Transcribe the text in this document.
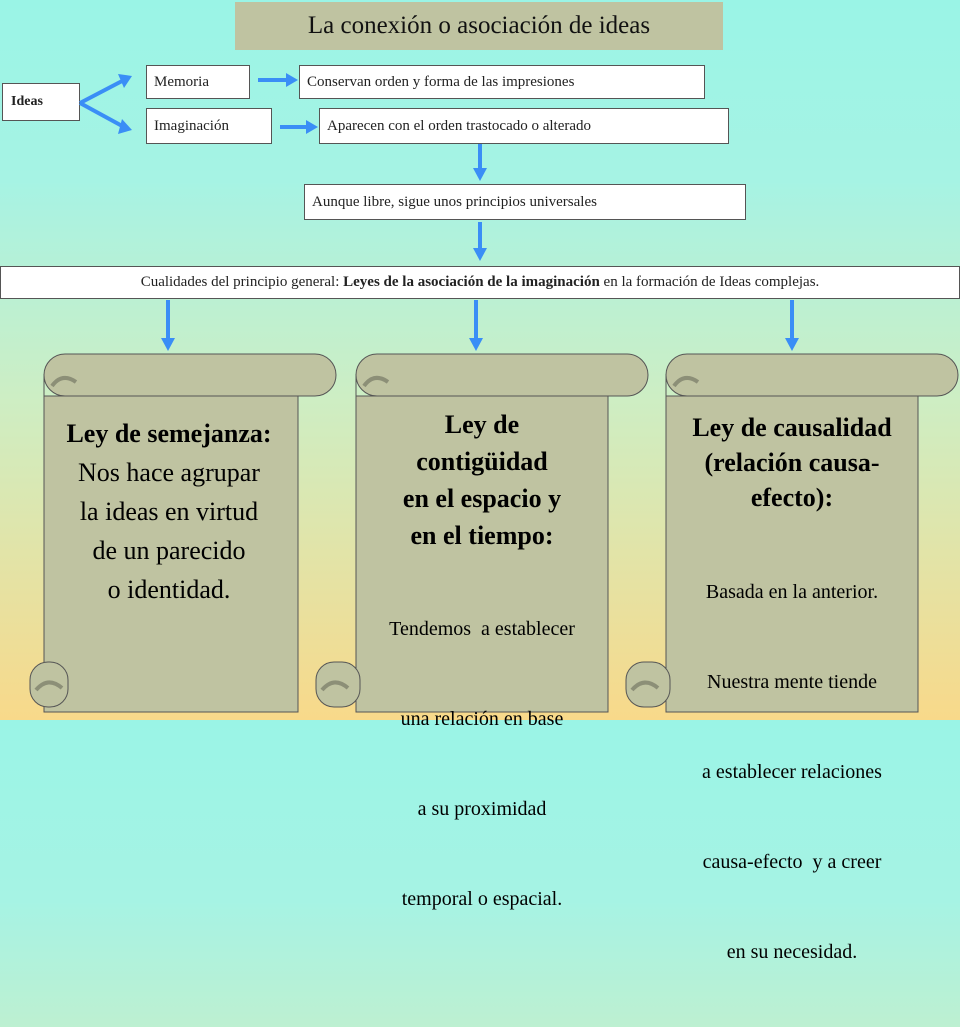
La conexión o asociación de ideas
Ideas
Memoria
Imaginación
Conservan orden y forma de las impresiones
Aparecen con el orden trastocado o alterado
Aunque libre, sigue unos principios universales
Cualidades del principio general: Leyes de la asociación de la imaginación en la formación de Ideas complejas.
Ley de semejanza:
Nos hace agrupar
la ideas en virtud
de un parecido
o identidad.
Ley de
contigüidad
en el espacio y
en el tiempo:

Tendemos  a establecer

una relación en base

a su proximidad

temporal o espacial.

Ley de causalidad
(relación causa-
efecto):

Basada en la anterior.

Nuestra mente tiende

a establecer relaciones

causa-efecto  y a creer

en su necesidad.
